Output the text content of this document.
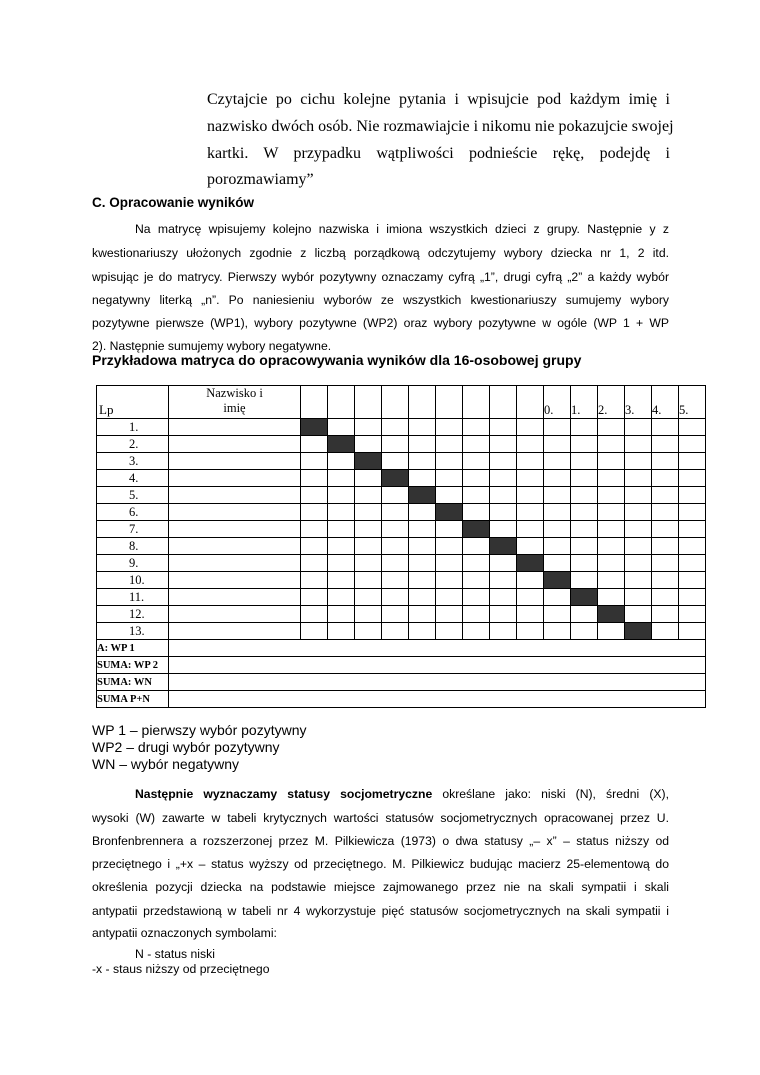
Czytajcie po cichu kolejne pytania i wpisujcie pod każdym imię i
nazwisko dwóch osób. Nie rozmawiajcie i nikomu nie pokazujcie swojej
kartki. W przypadku wątpliwości podnieście rękę, podejdę i
porozmawiamy”
C. Opracowanie wyników
Na matrycę wpisujemy kolejno nazwiska i imiona wszystkich dzieci z grupy. Następnie y z
kwestionariuszy ułożonych zgodnie z liczbą porządkową odczytujemy wybory dziecka nr 1, 2 itd.
wpisując je do matrycy. Pierwszy wybór pozytywny oznaczamy cyfrą „1”, drugi cyfrą „2” a każdy wybór
negatywny literką „n”. Po naniesieniu wyborów ze wszystkich kwestionariuszy sumujemy wybory
pozytywne pierwsze (WP1), wybory pozytywne (WP2) oraz wybory pozytywne w ogóle (WP 1 + WP
2). Następnie sumujemy wybory negatywne.
Przykładowa matryca do opracowywania wyników dla 16-osobowej grupy
Lp	Nazwisko i
imię										0.	1.	2.	3.	4.	5.
1.																
2.																
3.																
4.																
5.																
6.																
7.																
8.																
9.																
10.																
11.																
12.																
13.																
A: WP 1																
SUMA: WP 2																
SUMA: WN																
SUMA P+N																
WP 1 – pierwszy wybór pozytywny
WP2 – drugi wybór pozytywny
WN – wybór negatywny
Następnie wyznaczamy statusy socjometryczne określane jako: niski (N), średni (X),
wysoki (W) zawarte w tabeli krytycznych wartości statusów socjometrycznych opracowanej przez U.
Bronfenbrennera a rozszerzonej przez M. Pilkiewicza (1973) o dwa statusy „– x” – status niższy od
przeciętnego i „+x – status wyższy od przeciętnego. M. Pilkiewicz budując macierz 25-elementową do
określenia pozycji dziecka na podstawie miejsce zajmowanego przez nie na skali sympatii i skali
antypatii przedstawioną w tabeli nr 4 wykorzystuje pięć statusów socjometrycznych na skali sympatii i
antypatii oznaczonych symbolami:
N - status niski
-x - staus niższy od przeciętnego
